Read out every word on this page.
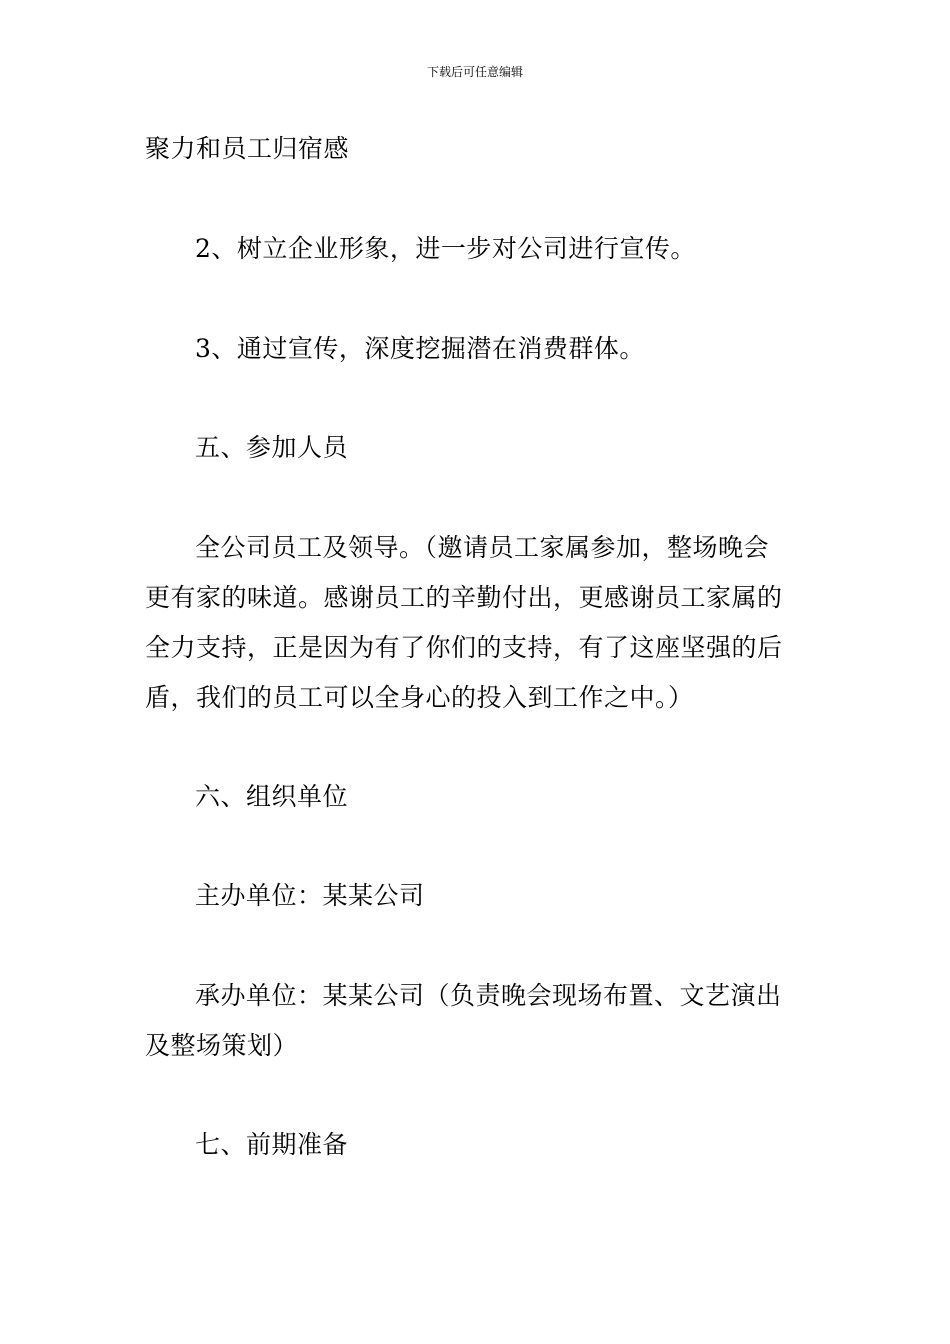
下载后可任意编辑
聚力和员工归宿感
2、树立企业形象，进一步对公司进行宣传。
3、通过宣传，深度挖掘潜在消费群体。
五、参加人员
全公司员工及领导。（邀请员工家属参加，整场晚会
更有家的味道。感谢员工的辛勤付出，更感谢员工家属的
全力支持，正是因为有了你们的支持，有了这座坚强的后
盾，我们的员工可以全身心的投入到工作之中。）
六、组织单位
主办单位：某某公司
承办单位：某某公司（负责晚会现场布置、文艺演出
及整场策划）
七、前期准备
